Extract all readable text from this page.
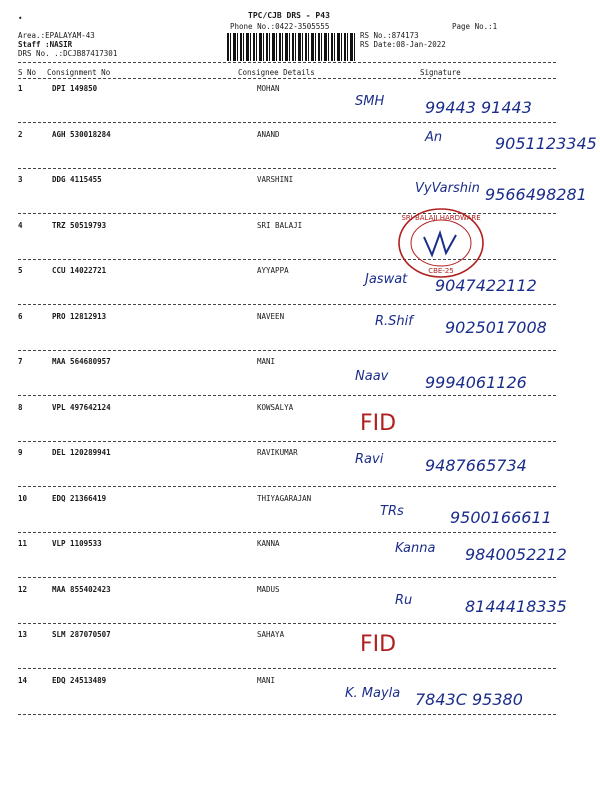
TPC/CJB DRS - P43
•
Phone No.:0422-3505555	Page No.:1
Area.:EPALAYAM-43
Staff :NASIR
DRS No. .:DCJB87417301
RS No.:874173
RS Date:08-Jan-2022
S No Consignment No	Consignee Details	Signature
1	DPI 149850	MOHAN
SMH	99443 91443
2	AGH 530018284	ANAND	An	9051123345
3	DDG 4115455	VARSHINI
VyVarshin 9566498281
4	TRZ 50519793	SRI BALAJI
5	CCU 14022721	AYYAPPA
Jaswat 9047422112
6	PRO 12812913	NAVEEN	R.Shif 9025017008
7	MAA 564680957	MANI
Naav 9994061126
8	VPL 497642124	KOWSALYA
FID
9	DEL 120289941	RAVIKUMAR	Ravi	9487665734
10	EDQ 21366419	THIYAGARAJAN
TRs	9500166611
11	VLP 1109533	KANNA	Kanna 9840052212
12	MAA 855402423	MADUS
Ru	8144418335
13	SLM 287070507	SAHAYA	FID
14	EDQ 24513489	MANI
K. Mayla 7843C 95380
SRI BALAJI HARDWARE
CBE-25
